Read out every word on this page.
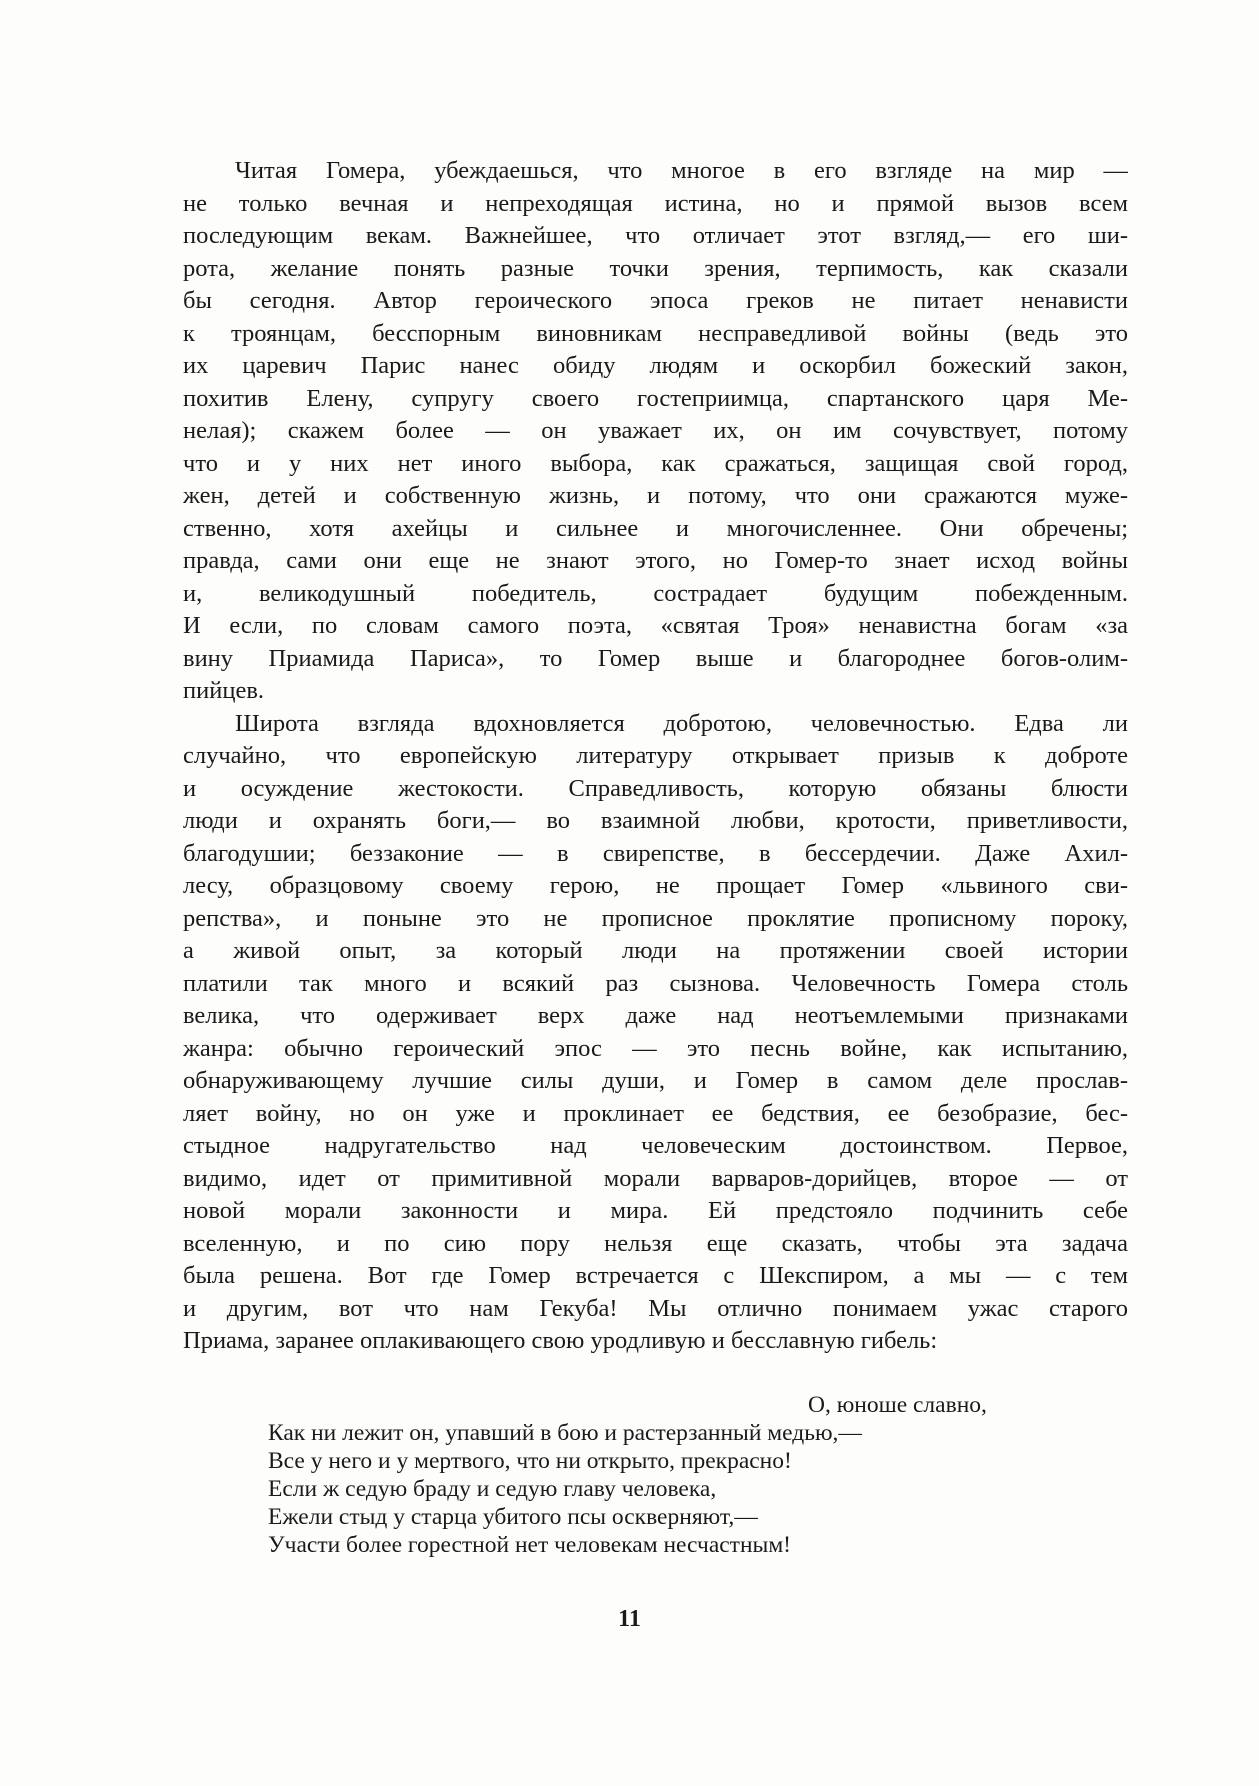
Читая Гомера, убеждаешься, что многое в его взгляде на мир —
не только вечная и непреходящая истина, но и прямой вызов всем
последующим векам. Важнейшее, что отличает этот взгляд,— его ши-
рота, желание понять разные точки зрения, терпимость, как сказали
бы сегодня. Автор героического эпоса греков не питает ненависти
к троянцам, бесспорным виновникам несправедливой войны (ведь это
их царевич Парис нанес обиду людям и оскорбил божеский закон,
похитив Елену, супругу своего гостеприимца, спартанского царя Ме-
нелая); скажем более — он уважает их, он им сочувствует, потому
что и у них нет иного выбора, как сражаться, защищая свой город,
жен, детей и собственную жизнь, и потому, что они сражаются муже-
ственно, хотя ахейцы и сильнее и многочисленнее. Они обречены;
правда, сами они еще не знают этого, но Гомер-то знает исход войны
и, великодушный победитель, сострадает будущим побежденным.
И если, по словам самого поэта, «святая Троя» ненавистна богам «за
вину Приамида Париса», то Гомер выше и благороднее богов-олим-
пийцев.
Широта взгляда вдохновляется добротою, человечностью. Едва ли
случайно, что европейскую литературу открывает призыв к доброте
и осуждение жестокости. Справедливость, которую обязаны блюсти
люди и охранять боги,— во взаимной любви, кротости, приветливости,
благодушии; беззаконие — в свирепстве, в бессердечии. Даже Ахил-
лесу, образцовому своему герою, не прощает Гомер «львиного сви-
репства», и поныне это не прописное проклятие прописному пороку,
а живой опыт, за который люди на протяжении своей истории
платили так много и всякий раз сызнова. Человечность Гомера столь
велика, что одерживает верх даже над неотъемлемыми признаками
жанра: обычно героический эпос — это песнь войне, как испытанию,
обнаруживающему лучшие силы души, и Гомер в самом деле прослав-
ляет войну, но он уже и проклинает ее бедствия, ее безобразие, бес-
стыдное надругательство над человеческим достоинством. Первое,
видимо, идет от примитивной морали варваров-дорийцев, второе — от
новой морали законности и мира. Ей предстояло подчинить себе
вселенную, и по сию пору нельзя еще сказать, чтобы эта задача
была решена. Вот где Гомер встречается с Шекспиром, а мы — с тем
и другим, вот что нам Гекуба! Мы отлично понимаем ужас старого
Приама, заранее оплакивающего свою уродливую и бесславную гибель:
О, юноше славно,
Как ни лежит он, упавший в бою и растерзанный медью,—
Все у него и у мертвого, что ни открыто, прекрасно!
Если ж седую браду и седую главу человека,
Ежели стыд у старца убитого псы оскверняют,—
Участи более горестной нет человекам несчастным!
11
